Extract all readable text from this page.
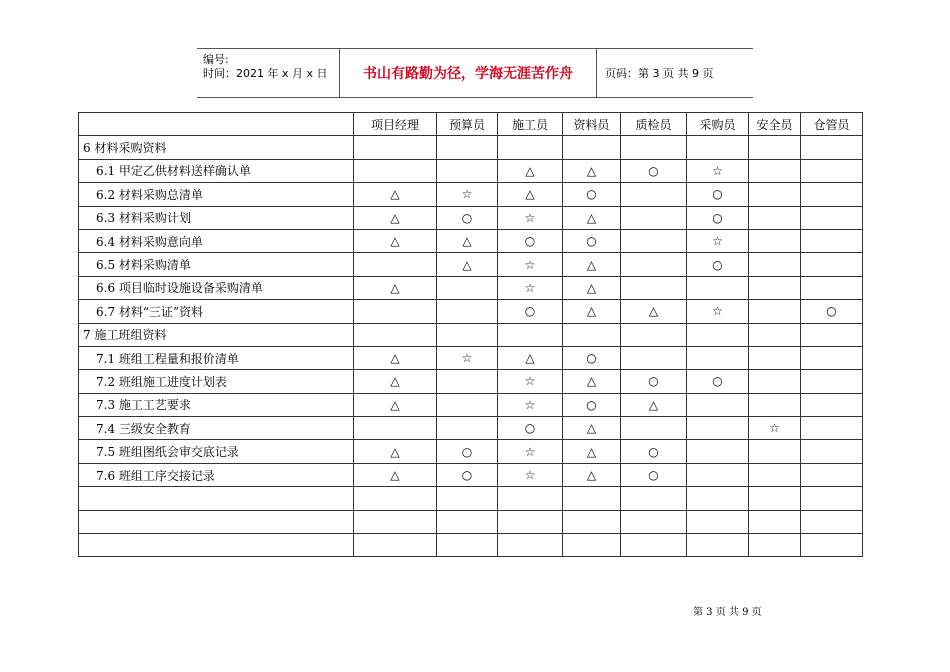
编号:
时间：2021 年 x 月 x 日	书山有路勤为径，学海无涯苦作舟	页码：第 3 页 共 9 页
	项目经理	预算员	施工员	资料员	质检员	采购员	安全员	仓管员
6 材料采购资料								
6.1 甲定乙供材料送样确认单			△	△	○	☆		
6.2 材料采购总清单	△	☆	△	○		○		
6.3 材料采购计划	△	○	☆	△		○		
6.4 材料采购意向单	△	△	○	○		☆		
6.5 材料采购清单		△	☆	△		○		
6.6 项目临时设施设备采购清单	△		☆	△				
6.7 材料“三证”资料			○	△	△	☆		○
7 施工班组资料								
7.1 班组工程量和报价清单	△	☆	△	○				
7.2 班组施工进度计划表	△		☆	△	○	○		
7.3 施工工艺要求	△		☆	○	△			
7.4 三级安全教育			○	△			☆	
7.5 班组图纸会审交底记录	△	○	☆	△	○			
7.6 班组工序交接记录	△	○	☆	△	○			

第 3 页 共 9 页
